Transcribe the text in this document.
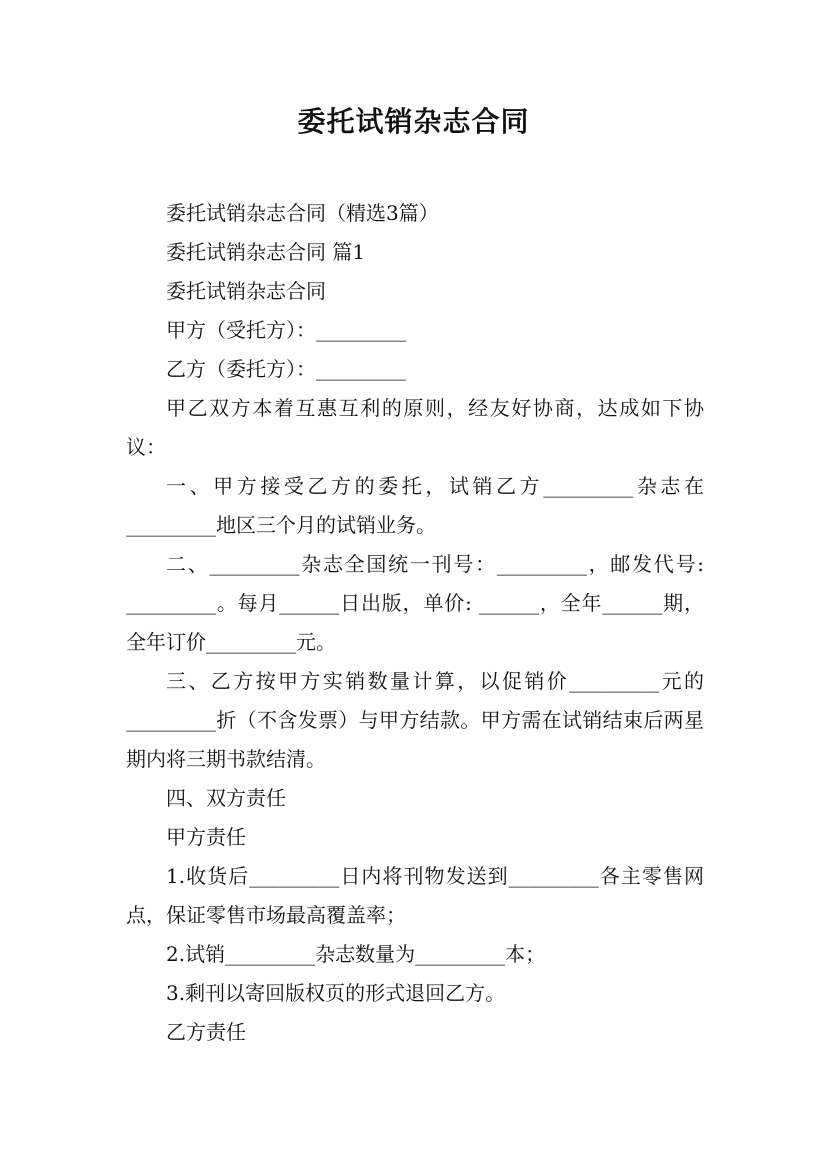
委托试销杂志合同

委托试销杂志合同（精选3篇）

委托试销杂志合同 篇1

委托试销杂志合同

甲方（受托方）：_________

乙方（委托方）：_________

甲乙双方本着互惠互利的原则，经友好协商，达成如下协议：

一、甲方接受乙方的委托，试销乙方_________杂志在_________地区三个月的试销业务。

二、_________杂志全国统一刊号：_________，邮发代号: _________。每月______日出版，单价: ______，全年______期，全年订价_________元。

三、乙方按甲方实销数量计算，以促销价_________元的_________折（不含发票）与甲方结款。甲方需在试销结束后两星期内将三期书款结清。

四、双方责任

甲方责任

1.收货后_________日内将刊物发送到_________各主零售网点，保证零售市场最高覆盖率；

2.试销_________杂志数量为_________本；

3.剩刊以寄回版权页的形式退回乙方。

乙方责任
